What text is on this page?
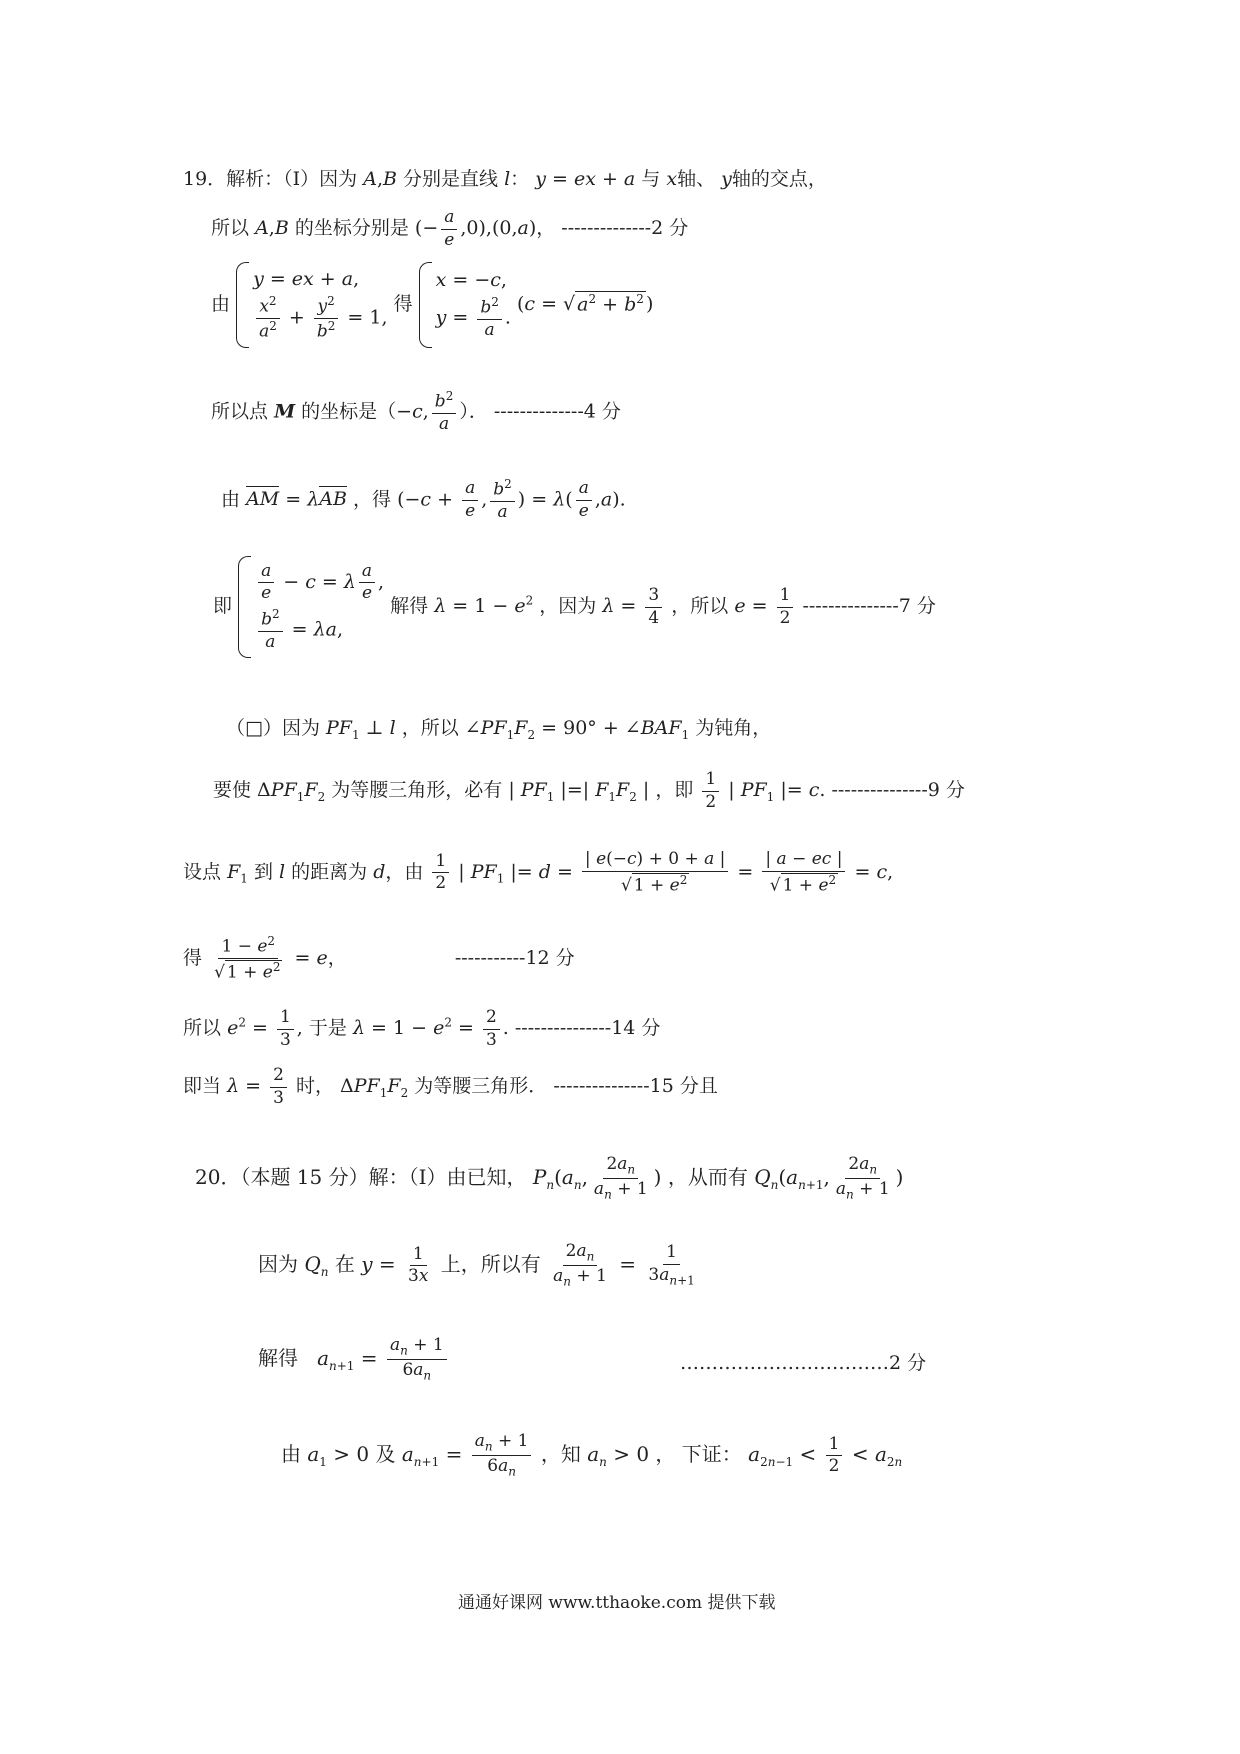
19．解析：（Ⅰ）因为 A,B 分别是直线 l： y = ex + a 与 x轴、 y轴的交点，
所以 A,B 的坐标分别是 (− $\frac{a}{e} ,0),(0,a)$， --------------2 分
由
y = ex + a,
$\frac{x^2}{a^2} + \frac{y^2}{b^2} = 1$,
得
x = −c,
$y = \frac{b^2}{a}$ .
(c = √ $a^2 + b^2$ )
所以点 M 的坐标是（−c, $\frac{b^2}{a}$ ）． --------------4 分
由 AM = λAB ，得 ($-c + \frac{a}{e}$ , $\frac{b^2}{a}$ ) = $\lambda( \frac{a}{e} ,a)$.
即
$\frac{a}{e} - c = \lambda \frac{a}{e}$ ,
$\frac{b^2}{a} = \lambda a$,
解得 $\lambda = 1 - e^2$ ，因为 $\lambda = \frac{3}{4}$ ，所以 $e = \frac{1}{2} ---------------7$ 分
（□）因为 $PF_1$ ⊥ l ，所以 $\angle PF_1F_2 = 90^\circ$ + $\angle BAF_1$ 为钝角，
要使 $\Delta PF_1F_2$ 为等腰三角形，必有 | $PF_1$ |=| $F_1F_2$ | ，即 $\frac{1}{2}$ | $PF_1$ |= c. ---------------9 分
设点 $F_1$ 到 l 的距离为 d，由 $\frac{1}{2}$ | $PF_1$ |= $d = \frac{| e(-c) + 0 + a |}{√ 1 + e^2} = \frac{| a - ec |}{√ 1 + e^2} = c$,
得 $\frac{1 - e^2}{√ 1 + e^2} = e$，	-----------12 分
所以 $e^2 = \frac{1}{3}$ , 于是 $\lambda = 1 - e^2 = \frac{2}{3}$ . ---------------14 分
即当 $\lambda = \frac{2}{3}$ 时， $\Delta PF_1F_2$ 为等腰三角形． ---------------15 分且
20．（本题 15 分）解：（Ⅰ）由已知， $P_n(a_n$, $\frac{2a_n}{a_n + 1}$ ) ，从而有 $Q_n(a_{n+1}$, $\frac{2a_n}{a_n + 1}$ )
因为 $Q_n$ 在 $y = \frac{1}{3x}$ 上，所以有 $\frac{2a_n}{a_n + 1} = \frac{1}{3a_{n+1}}$
解得 $a_{n+1} = \frac{a_n + 1}{6a_n}$	……………………………2 分
由 $a_1 > 0$ 及 $a_{n+1} = \frac{a_n + 1}{6a_n}$ ，知 $a_n > 0$ ， 下证： $a_{2n-1} < \frac{1}{2} < a_{2n}$
通通好课网 www.tthaoke.com 提供下载
